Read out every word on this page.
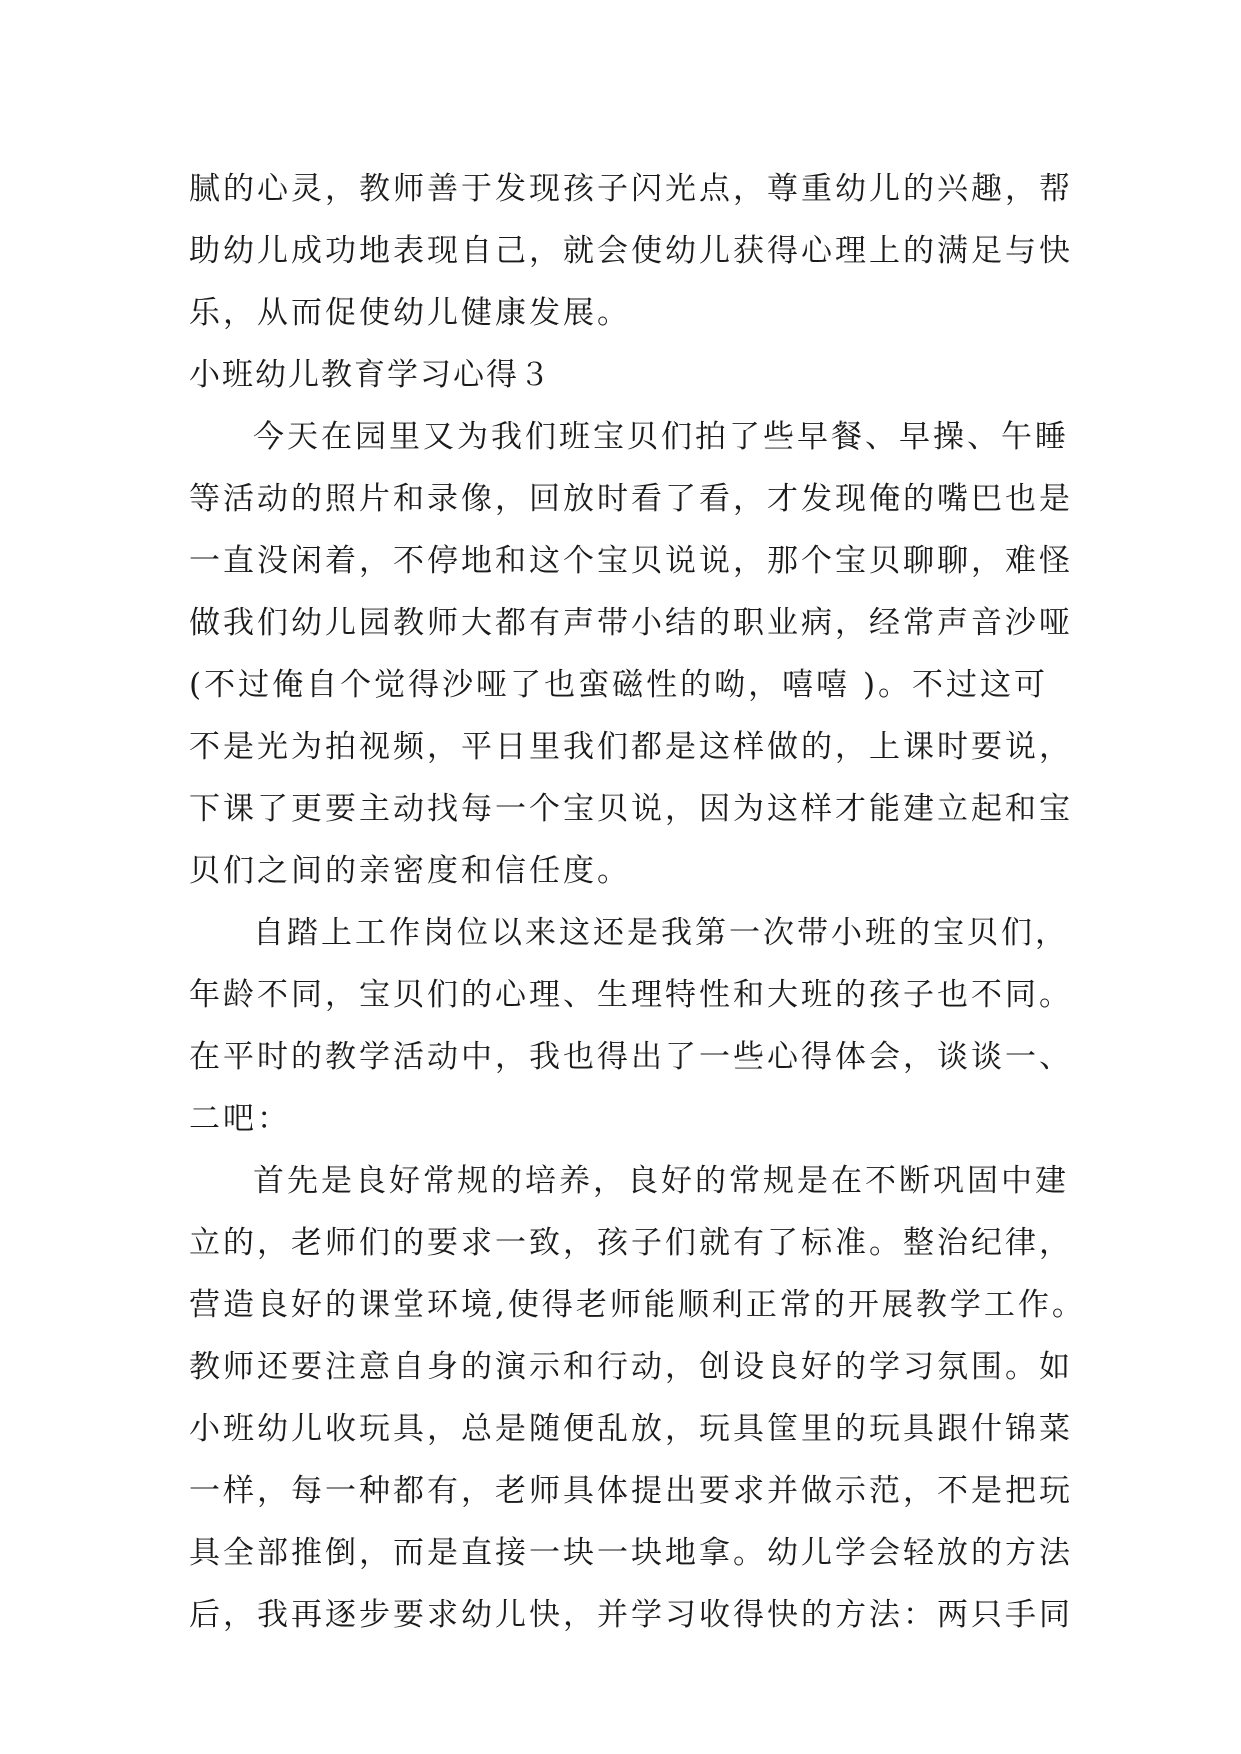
腻的心灵，教师善于发现孩子闪光点，尊重幼儿的兴趣，帮
助幼儿成功地表现自己，就会使幼儿获得心理上的满足与快
乐，从而促使幼儿健康发展。
小班幼儿教育学习心得３
今天在园里又为我们班宝贝们拍了些早餐、早操、午睡
等活动的照片和录像，回放时看了看，才发现俺的嘴巴也是
一直没闲着，不停地和这个宝贝说说，那个宝贝聊聊，难怪
做我们幼儿园教师大都有声带小结的职业病，经常声音沙哑
(不过俺自个觉得沙哑了也蛮磁性的呦，嘻嘻 )。不过这可
不是光为拍视频，平日里我们都是这样做的，上课时要说，
下课了更要主动找每一个宝贝说，因为这样才能建立起和宝
贝们之间的亲密度和信任度。
自踏上工作岗位以来这还是我第一次带小班的宝贝们，
年龄不同，宝贝们的心理、生理特性和大班的孩子也不同。
在平时的教学活动中，我也得出了一些心得体会，谈谈一、
二吧：
首先是良好常规的培养，良好的常规是在不断巩固中建
立的，老师们的要求一致，孩子们就有了标准。整治纪律，
营造良好的课堂环境,使得老师能顺利正常的开展教学工作。
教师还要注意自身的演示和行动，创设良好的学习氛围。如
小班幼儿收玩具，总是随便乱放，玩具筐里的玩具跟什锦菜
一样，每一种都有，老师具体提出要求并做示范，不是把玩
具全部推倒，而是直接一块一块地拿。幼儿学会轻放的方法
后，我再逐步要求幼儿快，并学习收得快的方法：两只手同
